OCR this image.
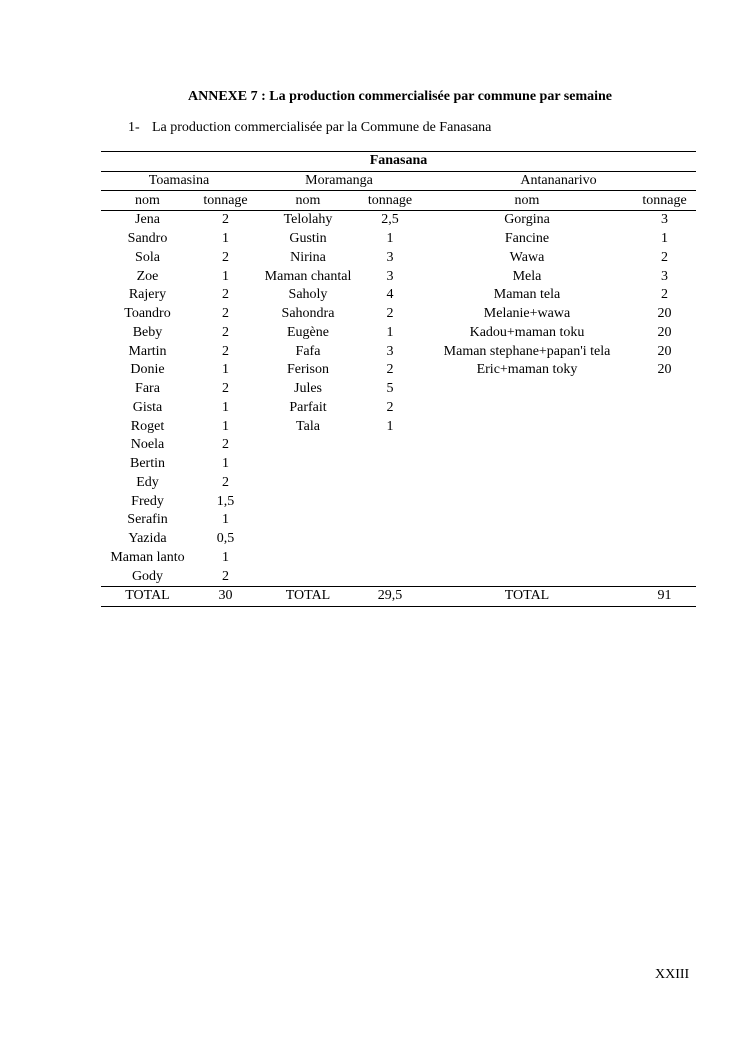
ANNEXE 7 : La production commercialisée par commune par semaine
1- La production commercialisée par la Commune de Fanasana
Fanasana					
Toamasina		Moramanga		Antananarivo	
nom	tonnage	nom	tonnage	nom	tonnage
Jena	2	Telolahy	2,5	Gorgina	3
Sandro	1	Gustin	1	Fancine	1
Sola	2	Nirina	3	Wawa	2
Zoe	1	Maman chantal	3	Mela	3
Rajery	2	Saholy	4	Maman tela	2
Toandro	2	Sahondra	2	Melanie+wawa	20
Beby	2	Eugène	1	Kadou+maman toku	20
Martin	2	Fafa	3	Maman stephane+papan'i tela	20
Donie	1	Ferison	2	Eric+maman toky	20
Fara	2	Jules	5		
Gista	1	Parfait	2		
Roget	1	Tala	1		
Noela	2				
Bertin	1				
Edy	2				
Fredy	1,5				
Serafin	1				
Yazida	0,5				
Maman lanto	1				
Gody	2				
TOTAL	30	TOTAL	29,5	TOTAL	91
XXIII
